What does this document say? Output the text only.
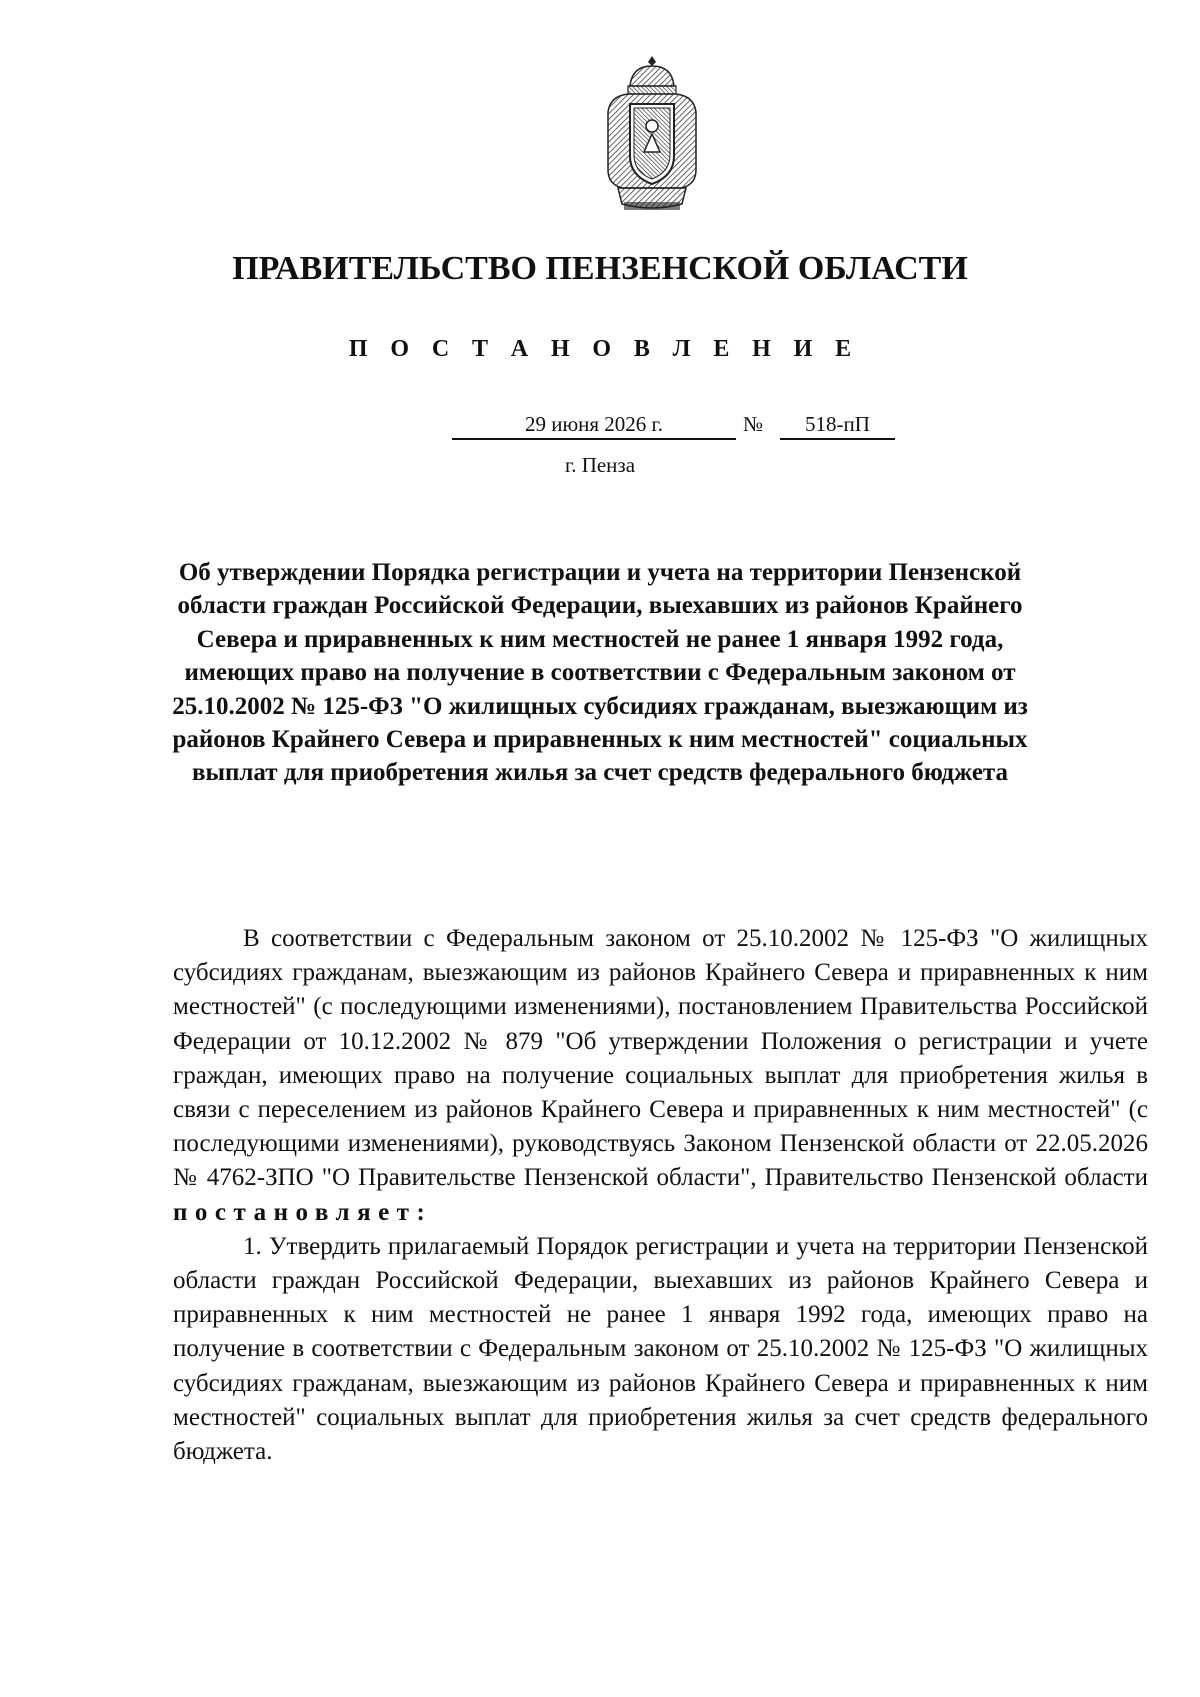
ПРАВИТЕЛЬСТВО ПЕНЗЕНСКОЙ ОБЛАСТИ
П О С Т А Н О В Л Е Н И Е
29 июня 2026 г.	№	518-пП
г. Пенза
Об утверждении Порядка регистрации и учета на территории Пензенской области граждан Российской Федерации, выехавших из районов Крайнего Севера и приравненных к ним местностей не ранее 1 января 1992 года, имеющих право на получение в соответствии с Федеральным законом от 25.10.2002 № 125-ФЗ "О жилищных субсидиях гражданам, выезжающим из районов Крайнего Севера и приравненных к ним местностей" социальных выплат для приобретения жилья за счет средств федерального бюджета

В соответствии с Федеральным законом от 25.10.2002 № 125-ФЗ "О жилищных субсидиях гражданам, выезжающим из районов Крайнего Севера и приравненных к ним местностей" (с последующими изменениями), постановлением Правительства Российской Федерации от 10.12.2002 № 879 "Об утверждении Положения о регистрации и учете граждан, имеющих право на получение социальных выплат для приобретения жилья в связи с переселением из районов Крайнего Севера и приравненных к ним местностей" (с последующими изменениями), руководствуясь Законом Пензенской области от 22.05.2026 № 4762-ЗПО "О Правительстве Пензенской области", Правительство Пензенской области постановляет:

1. Утвердить прилагаемый Порядок регистрации и учета на территории Пензенской области граждан Российской Федерации, выехавших из районов Крайнего Севера и приравненных к ним местностей не ранее 1 января 1992 года, имеющих право на получение в соответствии с Федеральным законом от 25.10.2002 № 125-ФЗ "О жилищных субсидиях гражданам, выезжающим из районов Крайнего Севера и приравненных к ним местностей" социальных выплат для приобретения жилья за счет средств федерального бюджета.
